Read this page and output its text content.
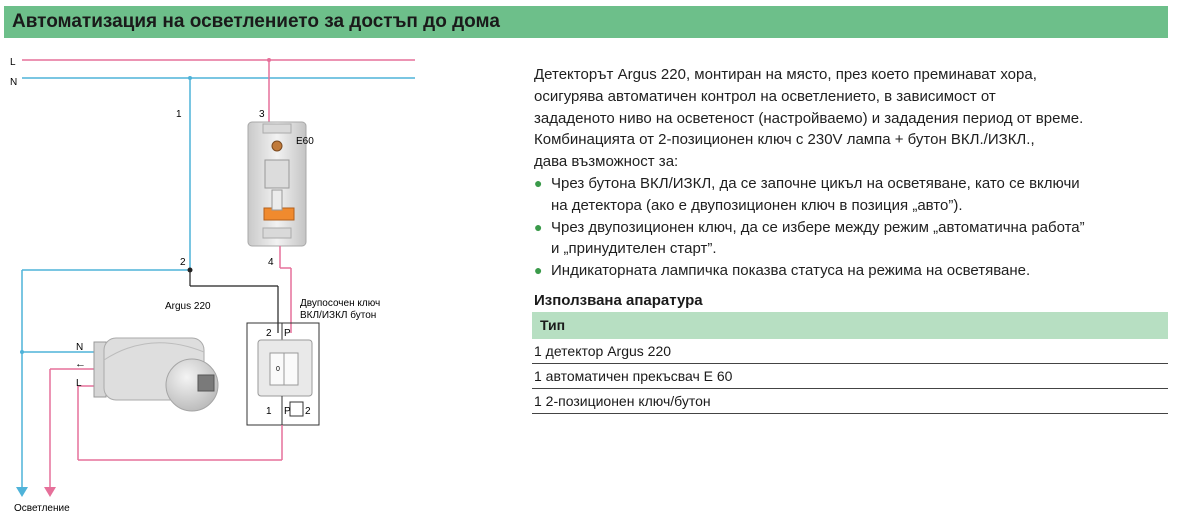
Автоматизация на осветлението за достъп до дома
L
N
3
1
2
E60
4
Двупосочен ключ
ВКЛ/ИЗКЛ бутон
0
2 P
1 P 2
N
←
L
Argus 220
Осветление

Детекторът Argus 220, монтиран на място, през което преминават хора,

осигурява автоматичен контрол на осветлението, в зависимост от

зададеното ниво на осветеност (настройваемо) и зададения период от време.

Комбинацията от 2-позиционен ключ с 230V лампа + бутон ВКЛ./ИЗКЛ.,

дава възможност за:

● Чрез бутона ВКЛ/ИЗКЛ, да се започне цикъл на осветяване, като се включи

на детектора (ако е двупозиционен ключ в позиция „авто”).

● Чрез двупозиционен ключ, да се избере между режим „автоматична работа”

и „принудителен старт”.

● Индикаторната лампичка показва статуса на режима на осветяване.

Използвана апаратура
Тип
1 детектор Argus 220
1 автоматичен прекъсвач E 60
1 2-позиционен ключ/бутон
